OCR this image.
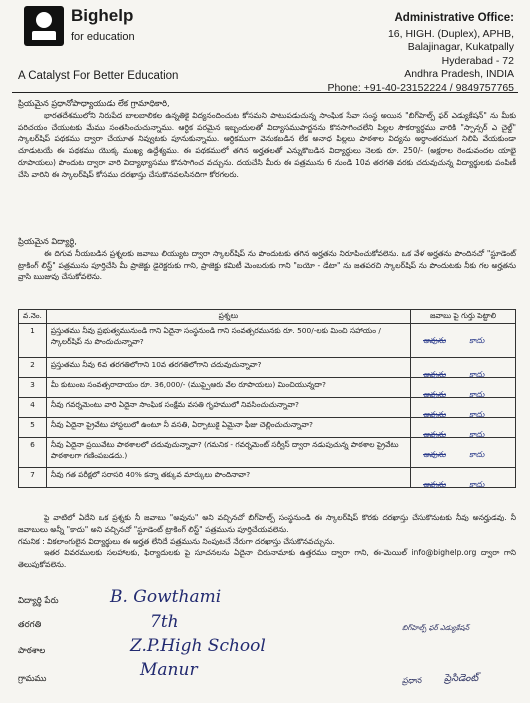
Bighelp
for education
A Catalyst For Better Education
Administrative Office:
16, HIGH. (Duplex), APHB,
Balajinagar, Kukatpally
Hyderabad - 72
Andhra Pradesh, INDIA
Phone: +91-40-23152224 / 9849757765
ప్రియమైన ప్రధానోపాధ్యాయుడు లేక గ్రామాధికారి,
భారతదేశములోని నిరుపేద బాలబాలికల ఉన్నతికై విద్యనందించుట కోసమని పాటుపడుచున్న సాంఘిక సేవా సంస్థ అయిన "బిగ్‌హెల్ప్ ఫర్ ఎడ్యుకేషన్" ను మీకు పరిచయం చేయుటకు మేము సంతసించుచున్నాము. ఆర్ధిక పరమైన ఇబ్బందులతో విద్యాసముపార్జనను కొనసాగించలేని పిల్లల సౌకర్యార్ధము వారికి "స్పాన్సర్ ఎ చైల్డ్" స్కాలర్‌షిప్ పథకము ద్వారా చేయూత నివ్వుటకు పూనుకున్నాము. ఆర్ధికముగా వెనుకబడిన లేక అనాధ పిల్లలు పాఠశాల విద్యను అర్ధాంతరముగ నిలిపి వేయకుండా చూడుటయే ఈ పథకము యొక్క ముఖ్య ఉద్దేశ్యము. ఈ పథకములో తగిన అర్హతలతో ఎన్నుకొబడిన విద్యార్థులు నెలకు రూ. 250/- (అక్షరాల రెండువందల యాభై రూపాయలు) పొందుట ద్వారా వారి విద్యాభ్యాసము కొనసాగించ వచ్చును. దయచేసి మీరు ఈ పత్రమును 6 నుండి 10వ తరగతి వరకు చదువుచున్న విద్యార్థులకు పంపిణీ చేసి వారిని ఈ స్కాలర్‌షిప్ కోసము దరఖాస్తు చేసుకొనవలసినదిగా కోరగలరు.
ప్రియమైన విద్యార్థి,
ఈ దిగువ నీయబడిన ప్రశ్నలకు జవాబు లియ్యుట ద్వారా స్కాలర్‌షిప్ ను పొందుటకు తగిన అర్హతను నిరూపించుకోవలెను. ఒక వేళ అర్హతను పొందినచో "స్టూడెంట్ ట్రాకింగ్ లిస్ట్" పత్రమును పూర్తిచేసి మీ ప్రాజెక్టు డైరెక్టరుకు గాని, ప్రాజెక్టు కమిటీ మెంబరుకు గాని "బయో - డేటా" ను జతపరచి స్కాలర్‌షిప్ ను పొందుటకు నీకు గల అర్హతను వ్రాసి ఋజువు చేసుకోవలెను.
వ.నెం.	ప్రశ్నలు	జవాబు పై గుర్తు పెట్టాలి
1	ప్రస్తుతము నీవు ప్రభుత్వమునుండి గాని ఏదైనా సంస్థనుండి గాని సంవత్సరమునకు రూ. 500/-లకు మించి సహాయం / స్కాలర్‌షిప్ ను పొందుచున్నావా?	అవును కాదు

2	ప్రస్తుతము నీవు 6వ తరగతిలోగాని 10వ తరగతిలోగాని చదువుచున్నావా?	అవును కాదు

3	మీ కుటుంబ సంవత్సరాదాయం రూ. 36,000/- (ముప్పైఆరు వేల రూపాయలు) మించియున్నదా?	అవును కాదు

4	నీవు గవర్నమెంటు వారి ఏదైనా సాంఘిక సంక్షేమ వసతి గృహములో నివసించుచున్నావా?	అవును కాదు

5	నీవు ఏదైనా ప్రైవేటు హాస్టలులో ఉంటూ నీ వసతి, ఏర్పాటుకై ఏమైనా ఫీజు చెల్లించుచున్నావా?	అవును కాదు

6	నీవు ఏదైనా ప్రయివేటు పాఠశాలలో చదువుచున్నావా? (గమనిక - గవర్నమెంట్ సర్వీస్ ద్వారా నడుపుచున్న పాఠశాల ప్రైవేటు పాఠశాలగా గణింపబడదు.)	అవును కాదు

7	నీవు గత పరీక్షలో సరాసరి 40% కన్నా తక్కువ మార్కులు పొందినావా?	అవును కాదు
పై వాటిలో ఏదేని ఒక ప్రశ్నకు నీ జవాబు "అవును" అని వచ్చినచో బిగ్‌హెల్ప్ సంస్థనుండి ఈ స్కాలర్‌షిప్ కొరకు దరఖాస్తు చేసుకొనుటకు నీవు అనర్హుడవు. నీ జవాబులు అన్నీ "కాదు" అని వచ్చినచో "స్టూడెంట్ ట్రాకింగ్ లిస్ట్" పత్రమును పూర్తిచేయవలెను.
గమనిక : వికలాంగులైన విద్యార్థులు ఈ అర్హత లేనిదే పత్రమును నింపుటచే నేరుగా దరఖాస్తు చేసుకొనవచ్చును.
ఇతర వివరములకు సలహాలకు, ఫిర్యాదులకు పై సూచనలను ఏదైనా చిరునామాకు ఉత్తరము ద్వారా గాని, ఈ-మెయిల్ info@bighelp.org ద్వారా గాని తెలుపుకోవలెను.
విద్యార్థి పేరు	B. Gowthami
తరగతి	7th
పాఠశాల	Z.P.High School
గ్రామము	Manur
బిగ్‌హెల్ప్ ఫర్ ఎడ్యుకేషన్
ప్రధాన ప్రెసిడెంట్
